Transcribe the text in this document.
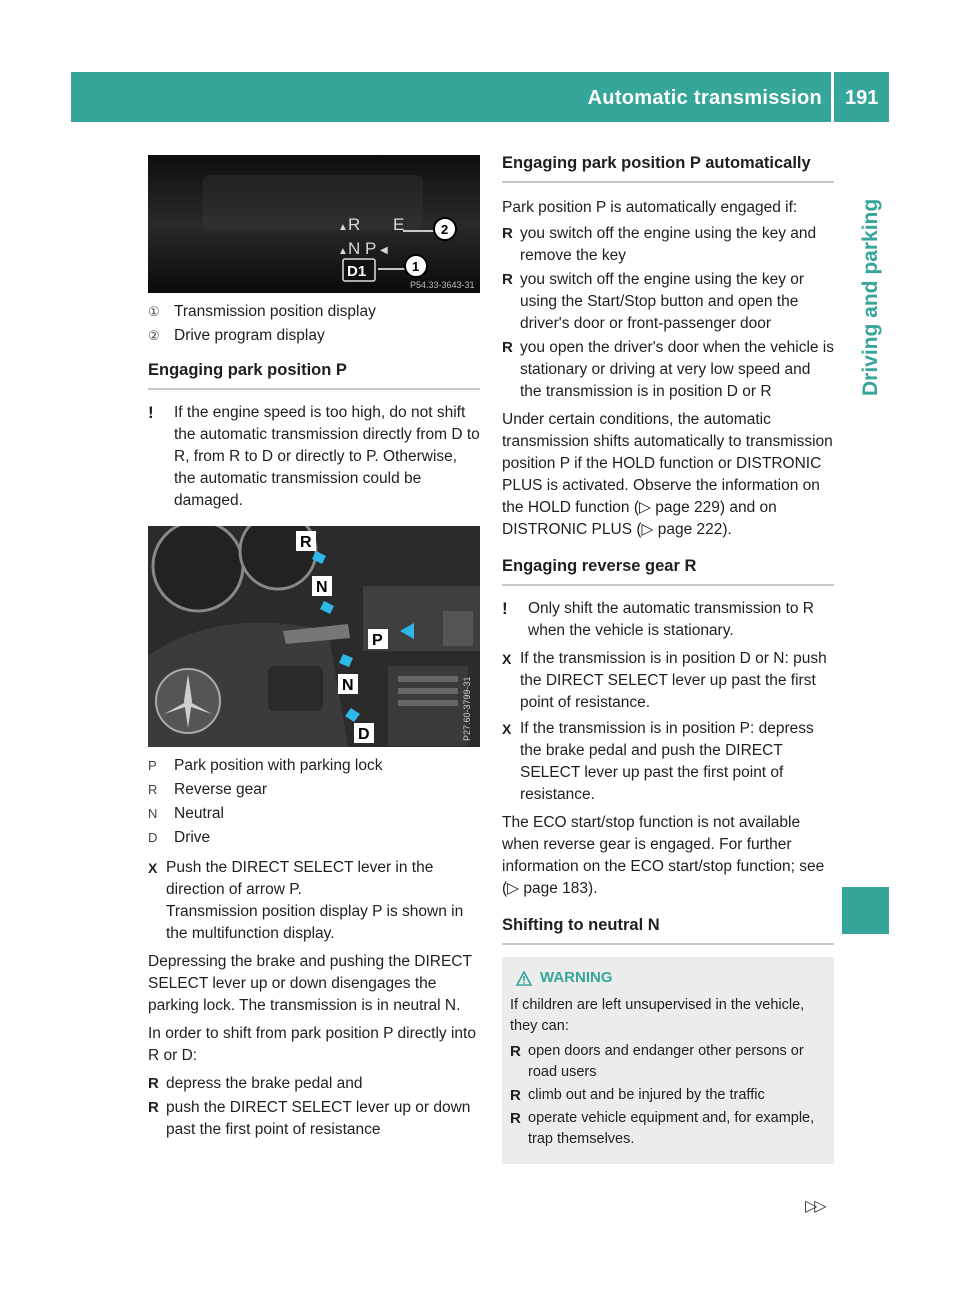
Automatic transmission 191
Driving and parking
R
▲	E
▲ N P ◀
D1	1
2
P54.33-3643-31
① Transmission position display
② Drive program display
Engaging park position P
!	If the engine speed is too high, do not shift the automatic transmission directly from D to R, from R to D or directly to P. Otherwise, the automatic transmission could be damaged.

R
N
P
N
D	P27.60-3799-31
P	Park position with parking lock
R	Reverse gear
N	Neutral
D	Drive
X Push the DIRECT SELECT lever in the direction of arrow P.

Transmission position display P is shown in the multifunction display.

Depressing the brake and pushing the DIRECT SELECT lever up or down disengages the parking lock. The transmission is in neutral N.

In order to shift from park position P directly into R or D:

R depress the brake pedal and

R push the DIRECT SELECT lever up or down past the first point of resistance

Engaging park position P automatically

Park position P is automatically engaged if:

R you switch off the engine using the key and remove the key

R you switch off the engine using the key or using the Start/Stop button and open the driver's door or front-passenger door

R you open the driver's door when the vehicle is stationary or driving at very low speed and the transmission is in position D or R

Under certain conditions, the automatic transmission shifts automatically to transmission position P if the HOLD function or DISTRONIC PLUS is activated. Observe the information on the HOLD function (▷ page 229) and on DISTRONIC PLUS (▷ page 222).

Engaging reverse gear R
!	Only shift the automatic transmission to R when the vehicle is stationary.

X If the transmission is in position D or N: push the DIRECT SELECT lever up past the first point of resistance.

X If the transmission is in position P: depress the brake pedal and push the DIRECT SELECT lever up past the first point of resistance.

The ECO start/stop function is not available when reverse gear is engaged. For further information on the ECO start/stop function; see (▷ page 183).

Shifting to neutral N
WARNING

If children are left unsupervised in the vehicle, they can:

R open doors and endanger other persons or road users

R climb out and be injured by the traffic

R operate vehicle equipment and, for example, trap themselves.

▷▷
